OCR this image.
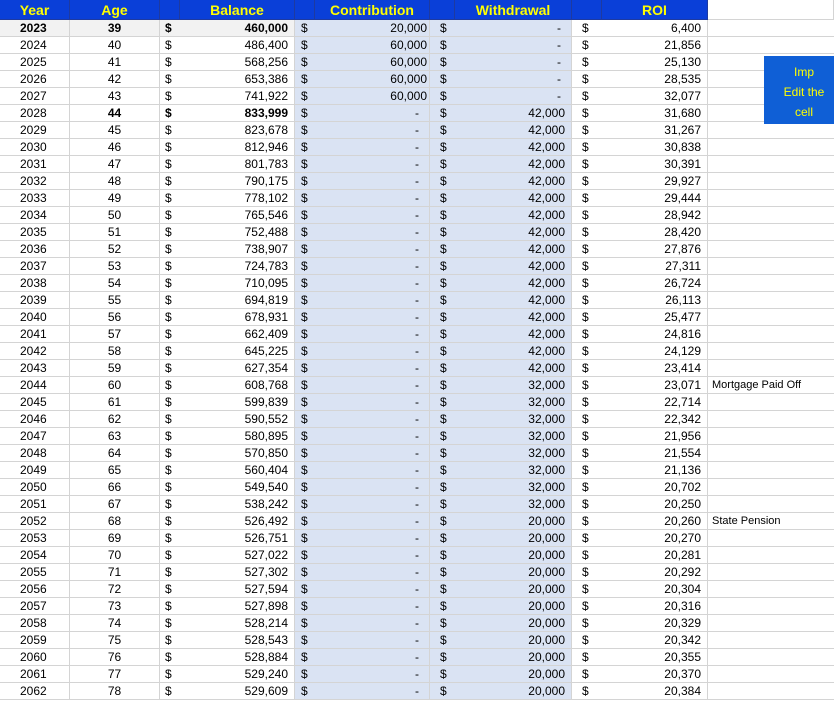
Year	Age	Balance	Contribution	Withdrawal	ROI
2023	39	$	460,000	$	20,000	$	-	$	6,400
2024	40	$	486,400	$	60,000	$	-	$	21,856
2025	41	$	568,256	$	60,000	$	-	$	25,130
2026	42	$	653,386	$	60,000	$	-	$	28,535
2027	43	$	741,922	$	60,000	$	-	$	32,077
2028	44	$	833,999	$	-	$	42,000	$	31,680
2029	45	$	823,678	$	-	$	42,000	$	31,267
2030	46	$	812,946	$	-	$	42,000	$	30,838
2031	47	$	801,783	$	-	$	42,000	$	30,391
2032	48	$	790,175	$	-	$	42,000	$	29,927
2033	49	$	778,102	$	-	$	42,000	$	29,444
2034	50	$	765,546	$	-	$	42,000	$	28,942
2035	51	$	752,488	$	-	$	42,000	$	28,420
2036	52	$	738,907	$	-	$	42,000	$	27,876
2037	53	$	724,783	$	-	$	42,000	$	27,311
2038	54	$	710,095	$	-	$	42,000	$	26,724
2039	55	$	694,819	$	-	$	42,000	$	26,113
2040	56	$	678,931	$	-	$	42,000	$	25,477
2041	57	$	662,409	$	-	$	42,000	$	24,816
2042	58	$	645,225	$	-	$	42,000	$	24,129
2043	59	$	627,354	$	-	$	42,000	$	23,414
2044	60	$	608,768	$	-	$	32,000	$	23,071	Mortgage Paid Off
2045	61	$	599,839	$	-	$	32,000	$	22,714
2046	62	$	590,552	$	-	$	32,000	$	22,342
2047	63	$	580,895	$	-	$	32,000	$	21,956
2048	64	$	570,850	$	-	$	32,000	$	21,554
2049	65	$	560,404	$	-	$	32,000	$	21,136
2050	66	$	549,540	$	-	$	32,000	$	20,702
2051	67	$	538,242	$	-	$	32,000	$	20,250
2052	68	$	526,492	$	-	$	20,000	$	20,260	State Pension
2053	69	$	526,751	$	-	$	20,000	$	20,270
2054	70	$	527,022	$	-	$	20,000	$	20,281
2055	71	$	527,302	$	-	$	20,000	$	20,292
2056	72	$	527,594	$	-	$	20,000	$	20,304
2057	73	$	527,898	$	-	$	20,000	$	20,316
2058	74	$	528,214	$	-	$	20,000	$	20,329
2059	75	$	528,543	$	-	$	20,000	$	20,342
2060	76	$	528,884	$	-	$	20,000	$	20,355
2061	77	$	529,240	$	-	$	20,000	$	20,370
2062	78	$	529,609	$	-	$	20,000	$	20,384
Imp
Edit the
cell
